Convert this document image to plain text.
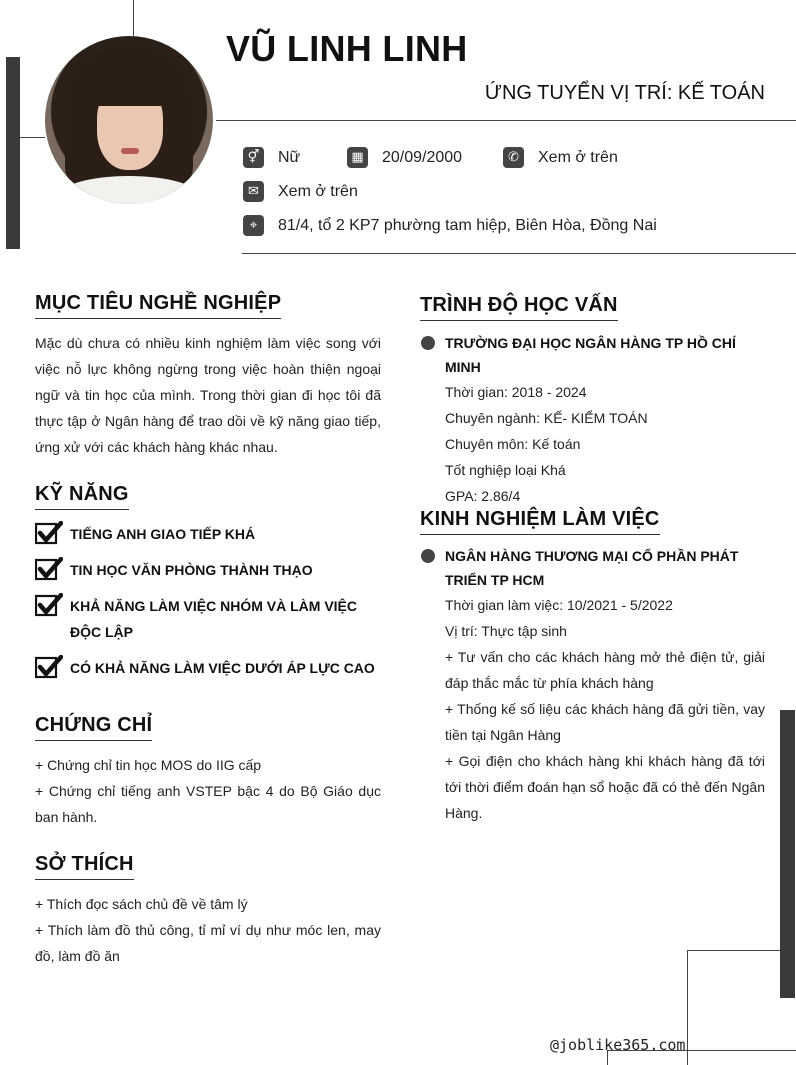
VŨ LINH LINH
ỨNG TUYỂN VỊ TRÍ: KẾ TOÁN
⚥ Nữ	▦ 20/09/2000	✆	Xem ở trên
✉	Xem ở trên
⌖	81/4, tổ 2 KP7 phường tam hiệp, Biên Hòa, Đồng Nai
MỤC TIÊU NGHỀ NGHIỆP

Mặc dù chưa có nhiều kinh nghiệm làm việc song với việc nỗ lực không ngừng trong việc hoàn thiện ngoại ngữ và tin học của mình. Trong thời gian đi học tôi đã thực tập ở Ngân hàng để trao dồi về kỹ năng giao tiếp, ứng xử với các khách hàng khác nhau.

KỸ NĂNG
TIẾNG ANH GIAO TIẾP KHÁ
TIN HỌC VĂN PHÒNG THÀNH THẠO
KHẢ NĂNG LÀM VIỆC NHÓM VÀ LÀM VIỆC ĐỘC LẬP
CÓ KHẢ NĂNG LÀM VIỆC DƯỚI ÁP LỰC CAO
CHỨNG CHỈ

+ Chứng chỉ tin học MOS do IIG cấp

+ Chứng chỉ tiếng anh VSTEP bậc 4 do Bộ Giáo dục ban hành.

SỞ THÍCH

+ Thích đọc sách chủ đề về tâm lý

+ Thích làm đồ thủ công, tỉ mỉ ví dụ như móc len, may đồ, làm đồ ăn

TRÌNH ĐỘ HỌC VẤN
TRƯỜNG ĐẠI HỌC NGÂN HÀNG TP HỒ CHÍ MINH
Thời gian: 2018 - 2024
Chuyên ngành: KẾ- KIỂM TOÁN
Chuyên môn: Kế toán
Tốt nghiệp loại Khá
GPA: 2.86/4
KINH NGHIỆM LÀM VIỆC
NGÂN HÀNG THƯƠNG MẠI CỔ PHẦN PHÁT TRIỂN TP HCM
Thời gian làm việc: 10/2021 - 5/2022
Vị trí: Thực tập sinh
+ Tư vấn cho các khách hàng mở thẻ điện tử, giải đáp thắc mắc từ phía khách hàng
+ Thống kế số liệu các khách hàng đã gửi tiền, vay tiền tại Ngân Hàng
+ Gọi điện cho khách hàng khi khách hàng đã tới tới thời điểm đoán hạn sổ hoặc đã có thẻ đến Ngân Hàng.
@joblike365.com
